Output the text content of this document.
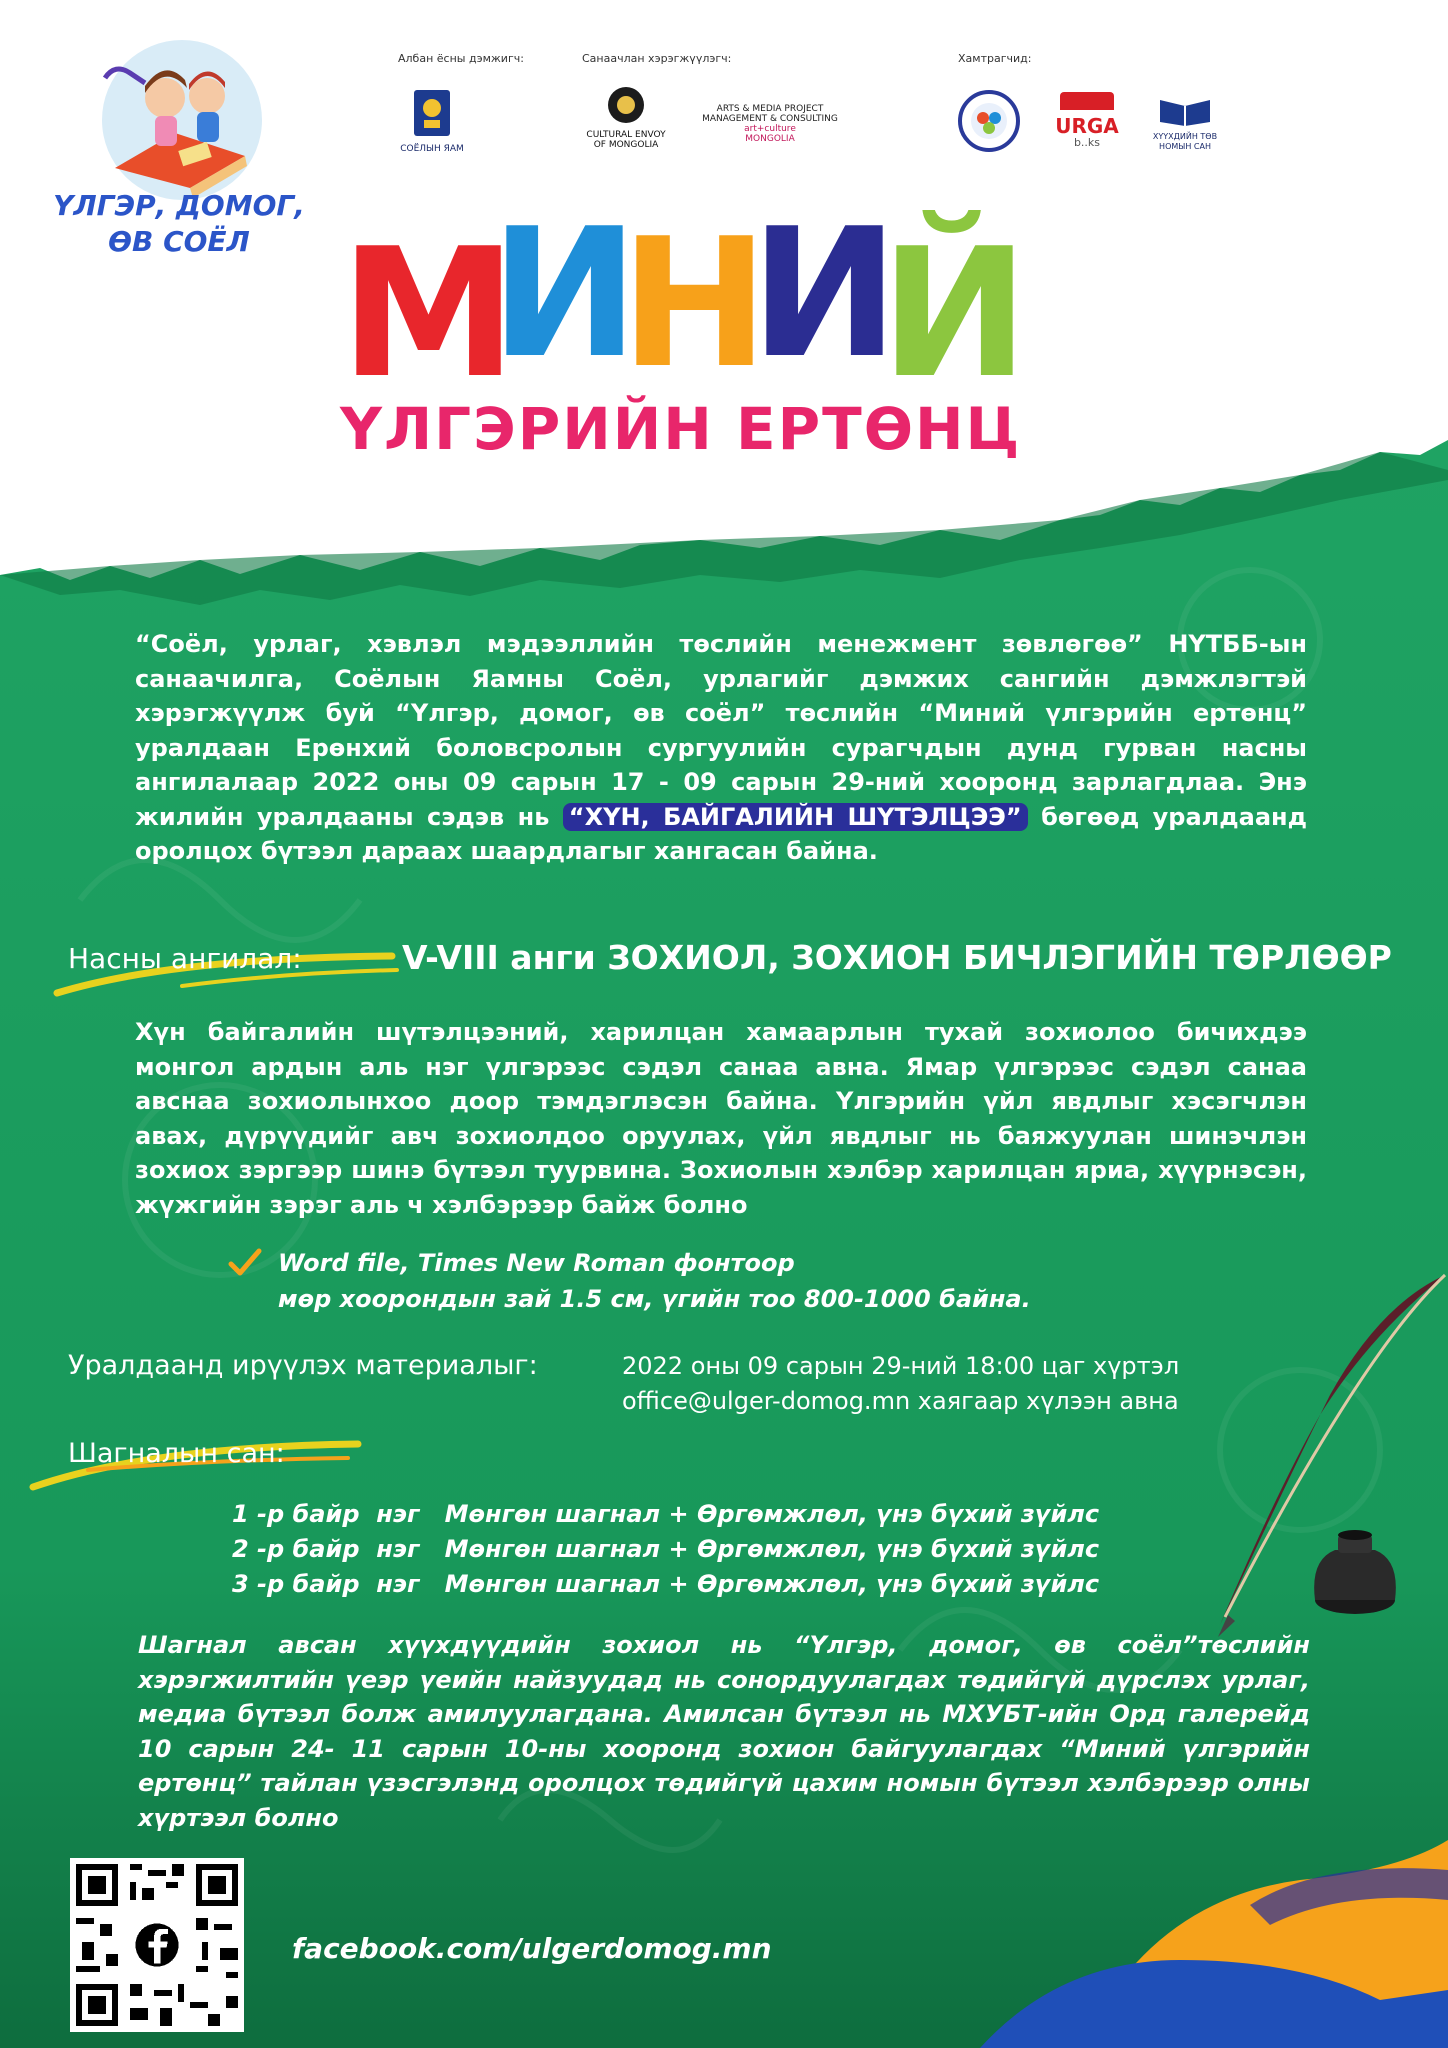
ҮЛГЭР, ДОМОГ,
ӨВ СОЁЛ
Албан ёсны дэмжигч:	Санаачлан хэрэгжүүлэгч:	Хамтрагчид:
СОЁЛЫН ЯАМ
CULTURAL ENVOY
OF MONGOLIA
ARTS & MEDIA PROJECT
MANAGEMENT & CONSULTING
art+culture
MONGOLIA
URGA
b..ks	ХҮҮХДИЙН ТӨВ
НОМЫН САН
М
И
Н
И
Й
ҮЛГЭРИЙН ЕРТӨНЦ
“Соёл, урлаг, хэвлэл мэдээллийн төслийн менежмент зөвлөгөө” НҮТББ-ын санаачилга, Соёлын Яамны Соёл, урлагийг дэмжих сангийн дэмжлэгтэй хэрэгжүүлж буй “Үлгэр, домог, өв соёл” төслийн “Миний үлгэрийн ертөнц” уралдаан Ерөнхий боловсролын сургуулийн сурагчдын дунд гурван насны ангилалаар 2022 оны 09 сарын 17 - 09 сарын 29-ний хооронд зарлагдлаа. Энэ жилийн уралдааны сэдэв нь “ХҮН, БАЙГАЛИЙН ШҮТЭЛЦЭЭ” бөгөөд уралдаанд оролцох бүтээл дараах шаардлагыг хангасан байна.
Насны ангилал:	V-VIII анги ЗОХИОЛ, ЗОХИОН БИЧЛЭГИЙН ТӨРЛӨӨР
Хүн байгалийн шүтэлцээний, харилцан хамаарлын тухай зохиолоо бичихдээ монгол ардын аль нэг үлгэрээс сэдэл санаа авна. Ямар үлгэрээс сэдэл санаа авснаа зохиолынхоо доор тэмдэглэсэн байна. Үлгэрийн үйл явдлыг хэсэгчлэн авах, дүрүүдийг авч зохиолдоо оруулах, үйл явдлыг нь баяжуулан шинэчлэн зохиох зэргээр шинэ бүтээл туурвина. Зохиолын хэлбэр харилцан яриа, хүүрнэсэн, жүжгийн зэрэг аль ч хэлбэрээр байж болно
Word file, Times New Roman фонтоор
мөр хоорондын зай 1.5 см, үгийн тоо 800-1000 байна.
Уралдаанд ирүүлэх материалыг:	2022 оны 09 сарын 29-ний 18:00 цаг хүртэл
office@ulger-domog.mn хаягаар хүлээн авна
Шагналын сан:
1 -р байр  нэг   Мөнгөн шагнал + Өргөмжлөл, үнэ бүхий зүйлс
2 -р байр  нэг   Мөнгөн шагнал + Өргөмжлөл, үнэ бүхий зүйлс
3 -р байр  нэг   Мөнгөн шагнал + Өргөмжлөл, үнэ бүхий зүйлс
Шагнал авсан хүүхдүүдийн зохиол нь “Үлгэр, домог, өв соёл”төслийн хэрэгжилтийн үеэр үеийн найзуудад нь сонордуулагдах төдийгүй дүрслэх урлаг, медиа бүтээл болж амилуулагдана. Амилсан бүтээл нь МХУБТ-ийн Орд галерейд 10 сарын 24- 11 сарын 10-ны хооронд зохион байгуулагдах “Миний үлгэрийн ертөнц” тайлан үзэсгэлэнд оролцох төдийгүй цахим номын бүтээл хэлбэрээр олны хүртээл болно
facebook.com/ulgerdomog.mn
